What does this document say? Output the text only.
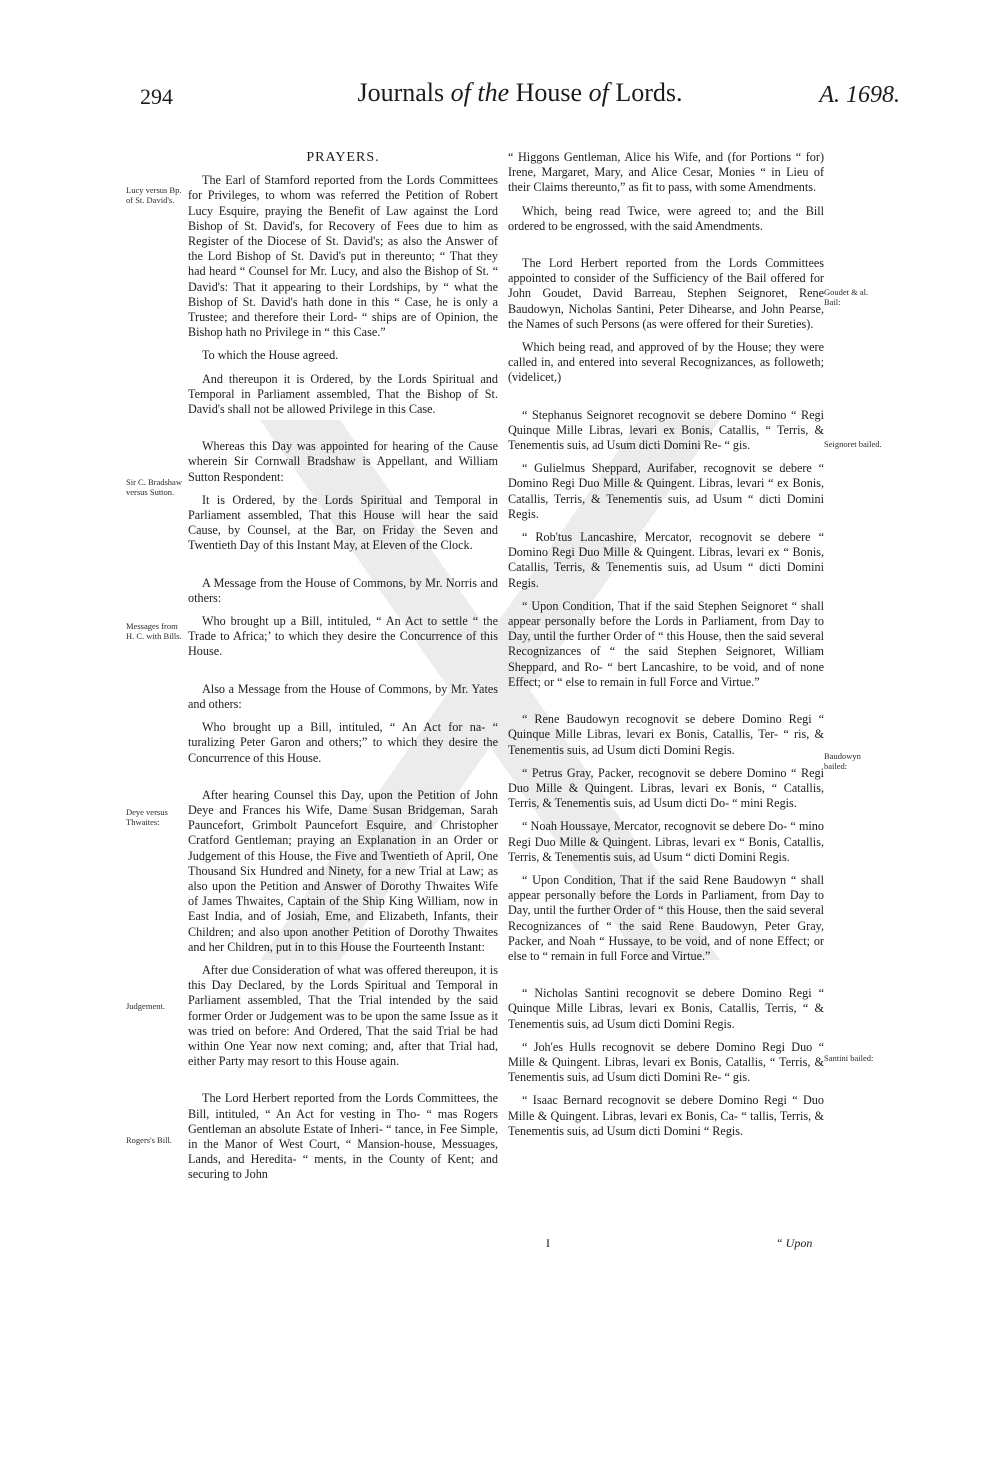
294	Journals of the House of Lords.	A. 1698.
Lucy versus Bp. of St. David's.
Sir C. Bradshaw versus Sutton.
Messages from H. C. with Bills.
Deye versus Thwaites:
Judgement.
Rogers's Bill.
Goudet & al. Bail:
Seignoret bailed.
Baudowyn bailed:
Santini bailed:

PRAYERS.

The Earl of Stamford reported from the Lords Committees for Privileges, to whom was referred the Petition of Robert Lucy Esquire, praying the Benefit of Law against the Lord Bishop of St. David's, for Recovery of Fees due to him as Register of the Diocese of St. David's; as also the Answer of the Lord Bishop of St. David's put in thereunto; “ That they had heard “ Counsel for Mr. Lucy, and also the Bishop of St. “ David's: That it appearing to their Lordships, by “ what the Bishop of St. David's hath done in this “ Case, he is only a Trustee; and therefore their Lord- “ ships are of Opinion, the Bishop hath no Privilege in “ this Case.”

To which the House agreed.

And thereupon it is Ordered, by the Lords Spiritual and Temporal in Parliament assembled, That the Bishop of St. David's shall not be allowed Privilege in this Case.

Whereas this Day was appointed for hearing of the Cause wherein Sir Cornwall Bradshaw is Appellant, and William Sutton Respondent:

It is Ordered, by the Lords Spiritual and Temporal in Parliament assembled, That this House will hear the said Cause, by Counsel, at the Bar, on Friday the Seven and Twentieth Day of this Instant May, at Eleven of the Clock.

A Message from the House of Commons, by Mr. Norris and others:

Who brought up a Bill, intituled, “ An Act to settle “ the Trade to Africa;’ to which they desire the Concurrence of this House.

Also a Message from the House of Commons, by Mr. Yates and others:

Who brought up a Bill, intituled, “ An Act for na- “ turalizing Peter Garon and others;” to which they desire the Concurrence of this House.

After hearing Counsel this Day, upon the Petition of John Deye and Frances his Wife, Dame Susan Bridgeman, Sarah Pauncefort, Grimbolt Pauncefort Esquire, and Christopher Cratford Gentleman; praying an Explanation in an Order or Judgement of this House, the Five and Twentieth of April, One Thousand Six Hundred and Ninety, for a new Trial at Law; as also upon the Petition and Answer of Dorothy Thwaites Wife of James Thwaites, Captain of the Ship King William, now in East India, and of Josiah, Eme, and Elizabeth, Infants, their Children; and also upon another Petition of Dorothy Thwaites and her Children, put in to this House the Fourteenth Instant:

After due Consideration of what was offered thereupon, it is this Day Declared, by the Lords Spiritual and Temporal in Parliament assembled, That the Trial intended by the said former Order or Judgement was to be upon the same Issue as it was tried on before: And Ordered, That the said Trial be had within One Year now next coming; and, after that Trial had, either Party may resort to this House again.

The Lord Herbert reported from the Lords Committees, the Bill, intituled, “ An Act for vesting in Tho- “ mas Rogers Gentleman an absolute Estate of Inheri- “ tance, in Fee Simple, in the Manor of West Court, “ Mansion-house, Messuages, Lands, and Heredita- “ ments, in the County of Kent; and securing to John

“ Higgons Gentleman, Alice his Wife, and (for Portions “ for) Irene, Margaret, Mary, and Alice Cesar, Monies “ in Lieu of their Claims thereunto,” as fit to pass, with some Amendments.

Which, being read Twice, were agreed to; and the Bill ordered to be engrossed, with the said Amendments.

The Lord Herbert reported from the Lords Committees appointed to consider of the Sufficiency of the Bail offered for John Goudet, David Barreau, Stephen Seignoret, Rene Baudowyn, Nicholas Santini, Peter Dihearse, and John Pearse, the Names of such Persons (as were offered for their Sureties).

Which being read, and approved of by the House; they were called in, and entered into several Recognizances, as followeth; (videlicet,)

“ Stephanus Seignoret recognovit se debere Domino “ Regi Quinque Mille Libras, levari ex Bonis, Catallis, “ Terris, & Tenementis suis, ad Usum dicti Domini Re- “ gis.

“ Gulielmus Sheppard, Aurifaber, recognovit se debere “ Domino Regi Duo Mille & Quingent. Libras, levari “ ex Bonis, Catallis, Terris, & Tenementis suis, ad Usum “ dicti Domini Regis.

“ Rob'tus Lancashire, Mercator, recognovit se debere “ Domino Regi Duo Mille & Quingent. Libras, levari ex “ Bonis, Catallis, Terris, & Tenementis suis, ad Usum “ dicti Domini Regis.

“ Upon Condition, That if the said Stephen Seignoret “ shall appear personally before the Lords in Parliament, from Day to Day, until the further Order of “ this House, then the said several Recognizances of “ the said Stephen Seignoret, William Sheppard, and Ro- “ bert Lancashire, to be void, and of none Effect; or “ else to remain in full Force and Virtue.”

“ Rene Baudowyn recognovit se debere Domino Regi “ Quinque Mille Libras, levari ex Bonis, Catallis, Ter- “ ris, & Tenementis suis, ad Usum dicti Domini Regis.

“ Petrus Gray, Packer, recognovit se debere Domino “ Regi Duo Mille & Quingent. Libras, levari ex Bonis, “ Catallis, Terris, & Tenementis suis, ad Usum dicti Do- “ mini Regis.

“ Noah Houssaye, Mercator, recognovit se debere Do- “ mino Regi Duo Mille & Quingent. Libras, levari ex “ Bonis, Catallis, Terris, & Tenementis suis, ad Usum “ dicti Domini Regis.

“ Upon Condition, That if the said Rene Baudowyn “ shall appear personally before the Lords in Parliament, from Day to Day, until the further Order of “ this House, then the said several Recognizances of “ the said Rene Baudowyn, Peter Gray, Packer, and Noah “ Hussaye, to be void, and of none Effect; or else to “ remain in full Force and Virtue.”

“ Nicholas Santini recognovit se debere Domino Regi “ Quinque Mille Libras, levari ex Bonis, Catallis, Terris, “ & Tenementis suis, ad Usum dicti Domini Regis.

“ Joh'es Hulls recognovit se debere Domino Regi Duo “ Mille & Quingent. Libras, levari ex Bonis, Catallis, “ Terris, & Tenementis suis, ad Usum dicti Domini Re- “ gis.

“ Isaac Bernard recognovit se debere Domino Regi “ Duo Mille & Quingent. Libras, levari ex Bonis, Ca- “ tallis, Terris, & Tenementis suis, ad Usum dicti Domini “ Regis.

I	“ Upon
